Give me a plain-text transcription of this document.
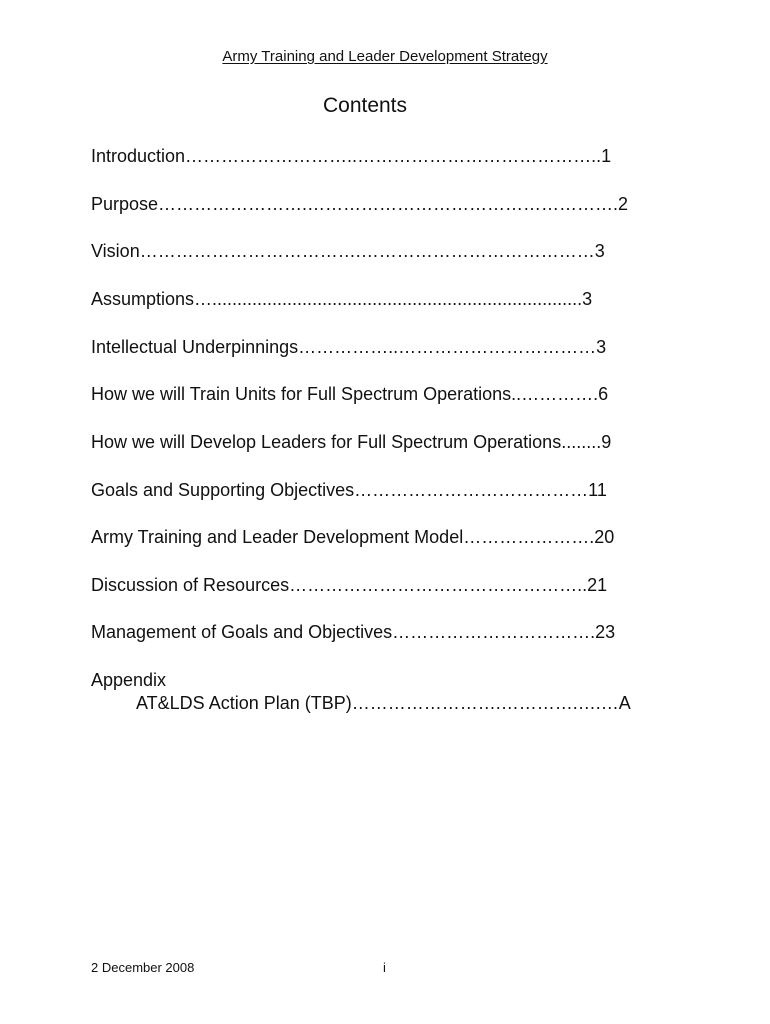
Army Training and Leader Development Strategy
Contents
Introduction………………………..…………………………………..1
Purpose…………………….…………………………………………….2
Vision……………………………….…………………………………3
Assumptions…..........................................................................3
Intellectual Underpinnings……………..……………………………3
How we will Train Units for Full Spectrum Operations..………….6
How we will Develop Leaders for Full Spectrum Operations........9
Goals and Supporting Objectives…………………………………11
Army Training and Leader Development Model………………….20
Discussion of Resources…………………………………………..21
Management of Goals and Objectives…………………………….23
Appendix
AT&LDS Action Plan (TBP)…………………….………….….…A
2 December 2008	i
